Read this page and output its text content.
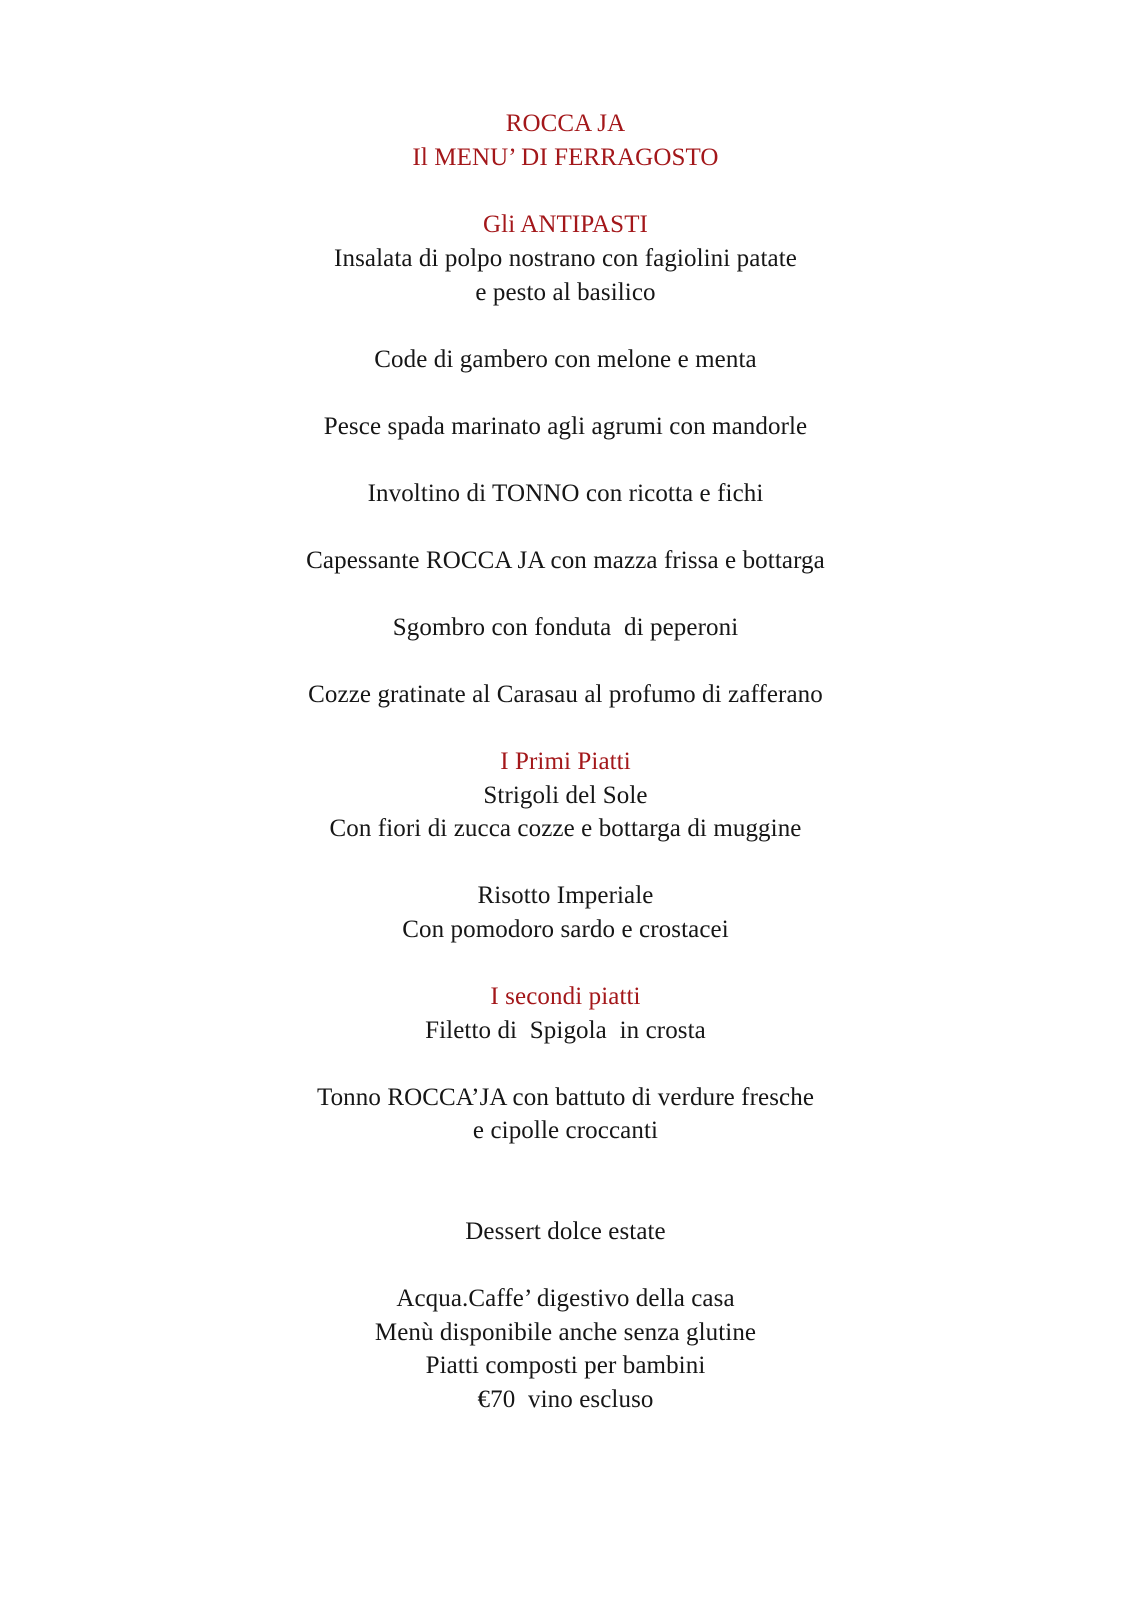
ROCCA JA
Il MENU’ DI FERRAGOSTO
Gli ANTIPASTI
Insalata di polpo nostrano con fagiolini patate
e pesto al basilico
Code di gambero con melone e menta
Pesce spada marinato agli agrumi con mandorle
Involtino di TONNO con ricotta e fichi
Capessante ROCCA JA con mazza frissa e bottarga
Sgombro con fonduta  di peperoni
Cozze gratinate al Carasau al profumo di zafferano
I Primi Piatti
Strigoli del Sole
Con fiori di zucca cozze e bottarga di muggine
Risotto Imperiale
Con pomodoro sardo e crostacei
I secondi piatti
Filetto di  Spigola  in crosta
Tonno ROCCA’JA con battuto di verdure fresche
e cipolle croccanti
Dessert dolce estate
Acqua.Caffe’ digestivo della casa
Menù disponibile anche senza glutine
Piatti composti per bambini
€70  vino escluso
